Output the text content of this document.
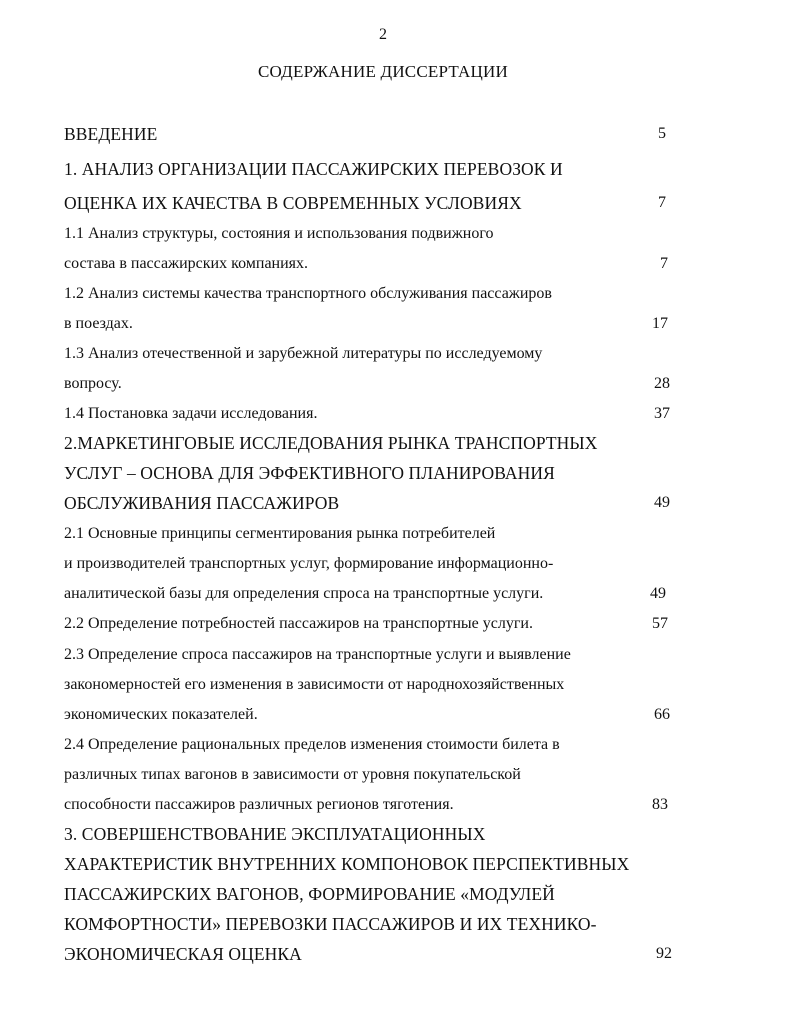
2
СОДЕРЖАНИЕ ДИССЕРТАЦИИ
ВВЕДЕНИЕ	5
1. АНАЛИЗ ОРГАНИЗАЦИИ ПАССАЖИРСКИХ ПЕРЕВОЗОК И
ОЦЕНКА ИХ КАЧЕСТВА В СОВРЕМЕННЫХ УСЛОВИЯХ	7
1.1 Анализ структуры, состояния и использования подвижного
состава в пассажирских компаниях.	7
1.2 Анализ системы качества транспортного обслуживания пассажиров
в поездах.	17
1.3 Анализ отечественной и зарубежной литературы по исследуемому
вопросу.	28
1.4 Постановка задачи исследования.	37
2.МАРКЕТИНГОВЫЕ ИССЛЕДОВАНИЯ РЫНКА ТРАНСПОРТНЫХ
УСЛУГ – ОСНОВА ДЛЯ ЭФФЕКТИВНОГО ПЛАНИРОВАНИЯ
ОБСЛУЖИВАНИЯ ПАССАЖИРОВ	49
2.1 Основные принципы сегментирования рынка потребителей
и производителей транспортных услуг, формирование информационно-
аналитической базы для определения спроса на транспортные услуги.	49
2.2 Определение потребностей пассажиров на транспортные услуги.	57
2.3 Определение спроса пассажиров на транспортные услуги и выявление
закономерностей его изменения в зависимости от народнохозяйственных
экономических показателей.	66
2.4 Определение рациональных пределов изменения стоимости билета в
различных типах вагонов в зависимости от уровня покупательской
способности пассажиров различных регионов тяготения.	83
3. СОВЕРШЕНСТВОВАНИЕ ЭКСПЛУАТАЦИОННЫХ
ХАРАКТЕРИСТИК ВНУТРЕННИХ КОМПОНОВОК ПЕРСПЕКТИВНЫХ
ПАССАЖИРСКИХ ВАГОНОВ, ФОРМИРОВАНИЕ «МОДУЛЕЙ
КОМФОРТНОСТИ» ПЕРЕВОЗКИ ПАССАЖИРОВ И ИХ ТЕХНИКО-
ЭКОНОМИЧЕСКАЯ ОЦЕНКА	92
